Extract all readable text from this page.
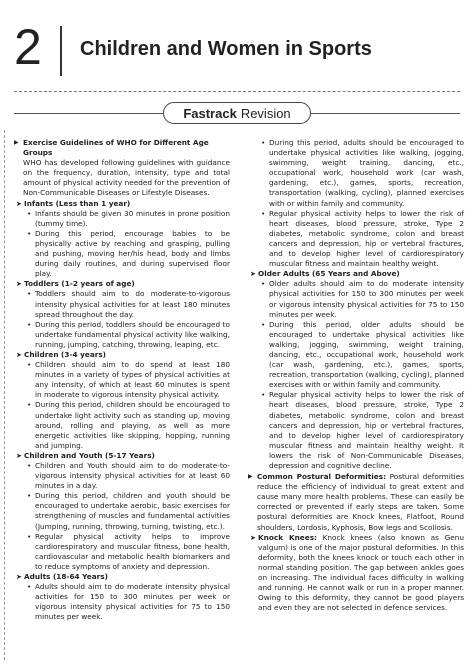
2 Children and Women in Sports
Fastrack Revision
▶ Exercise Guidelines of WHO for Different Age Groups
WHO has developed following guidelines with guidance on the frequency, duration, intensity, type and total amount of physical activity needed for the prevention of Non-Communicable Diseases or Lifestyle Diseases.
➤ Infants (Less than 1 year)
• Infants should be given 30 minutes in prone position (tummy time).
• During this period, encourage babies to be physically active by reaching and grasping, pulling and pushing, moving her/his head, body and limbs during daily routines, and during supervised floor play.
➤ Toddlers (1-2 years of age)
• Toddlers should aim to do moderate-to-vigorous intensity physical activities for at least 180 minutes spread throughout the day.
• During this period, toddlers should be encouraged to undertake fundamental physical activity like walking, running, jumping, catching, throwing, leaping, etc.
➤ Children (3-4 years)
• Children should aim to do spend at least 180 minutes in a variety of types of physical activities at any intensity, of which at least 60 minutes is spent in moderate to vigorous intensity physical activity.
• During this period, children should be encouraged to undertake light activity such as standing up, moving around, rolling and playing, as well as more energetic activities like skipping, hopping, running and jumping.
➤ Children and Youth (5-17 Years)
• Children and Youth should aim to do moderate-to-vigorous intensity physical activities for at least 60 minutes in a day.
• During this period, children and youth should be encouraged to undertake aerobic, basic exercises for strengthening of muscles and fundamental activities (Jumping, running, throwing, turning, twisting, etc.).
• Regular physical activity helps to improve cardiorespiratory and muscular fitness, bone health, cardiovascular and metabolic health biomarkers and to reduce symptoms of anxiety and depression.
➤ Adults (18-64 Years)
• Adults should aim to do moderate intensity physical activities for 150 to 300 minutes per week or vigorous intensity physical activities for 75 to 150 minutes per week.
• During this period, adults should be encouraged to undertake physical activities like walking, jogging, swimming, weight training, dancing, etc., occupational work, household work (car wash, gardening, etc.), games, sports, recreation, transportation (walking, cycling), planned exercises with or within family and community.
• Regular physical activity helps to lower the risk of heart diseases, blood pressure, stroke, Type 2 diabetes, metabolic syndrome, colon and breast cancers and depression, hip or vertebral fractures, and to develop higher level of cardiorespiratory muscular fitness and maintain healthy weight.
➤ Older Adults (65 Years and Above)
• Older adults should aim to do moderate intensity physical activities for 150 to 300 minutes per week or vigorous intensity physical activities for 75 to 150 minutes per week.
• During this period, older adults should be encouraged to undertake physical activities like walking, jogging, swimming, weight training, dancing, etc., occupational work, household work (car wash, gardening, etc.), games, sports, recreation, transportation (walking, cycling), planned exercises with or within family and community.
• Regular physical activity helps to lower the risk of heart diseases, blood pressure, stroke, Type 2 diabetes, metabolic syndrome, colon and breast cancers and depression, hip or vertebral fractures, and to develop higher level of cardiorespiratory muscular fitness and maintain healthy weight. It lowers the risk of Non-Communicable Diseases, depression and cognitive decline.
▶ Common Postural Deformities: Postural deformities reduce the efficiency of individual to great extent and cause many more health problems. These can easily be corrected or prevented if early steps are taken. Some postural deformities are Knock knees, Flatfoot, Round shoulders, Lordosis, Kyphosis, Bow legs and Scoliosis.
➤ Knock Knees: Knock knees (also known as Genu valgum) is one of the major postural deformities. In this deformity, both the knees knock or touch each other in normal standing position. The gap between ankles goes on increasing. The individual faces difficulty in walking and running. He cannot walk or run in a proper manner. Owing to this deformity, they cannot be good players and even they are not selected in defence services.
